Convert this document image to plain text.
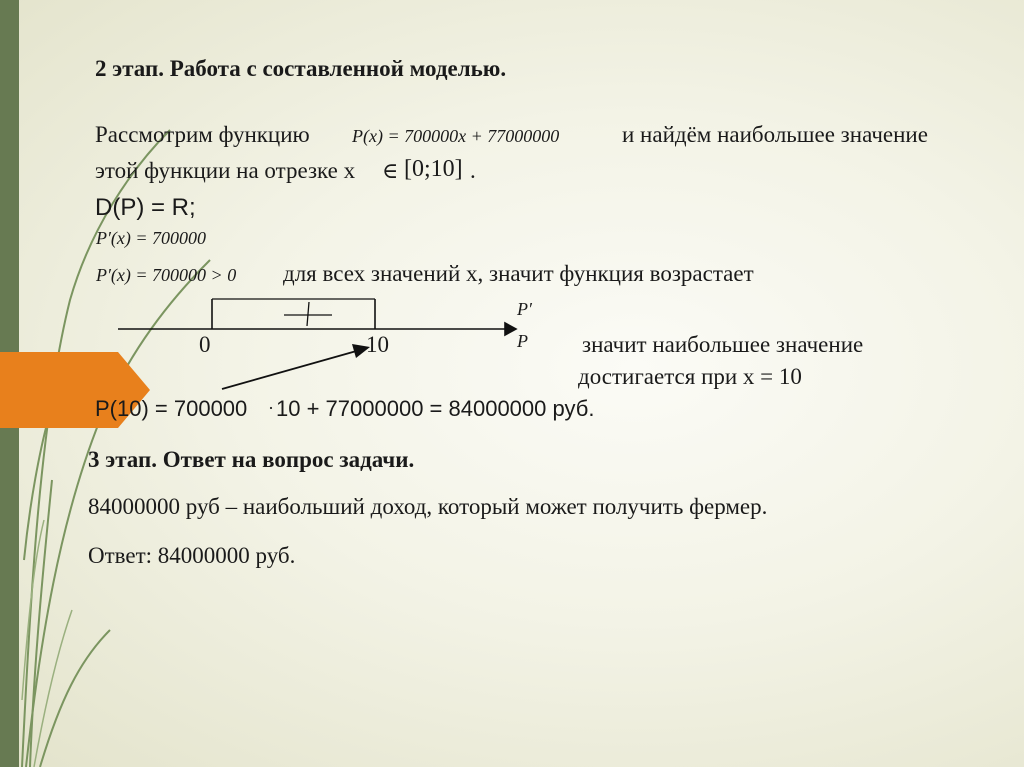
2 этап. Работа с составленной моделью.
Рассмотрим функцию P(x) = 700000x + 77000000	и найдём наибольшее значение
этой функции на отрезке x ∈ [0;10] .
D(P) = R;
P′(x) = 700000
P′(x) = 700000 > 0 для всех значений x, значит функция возрастает
0	10
P′
P значит наибольшее значение
достигается при x = 10
P(10) = 700000 · 10 + 77000000 = 84000000 руб.
3 этап. Ответ на вопрос задачи.
84000000 руб – наибольший доход, который может получить фермер.
Ответ: 84000000 руб.
